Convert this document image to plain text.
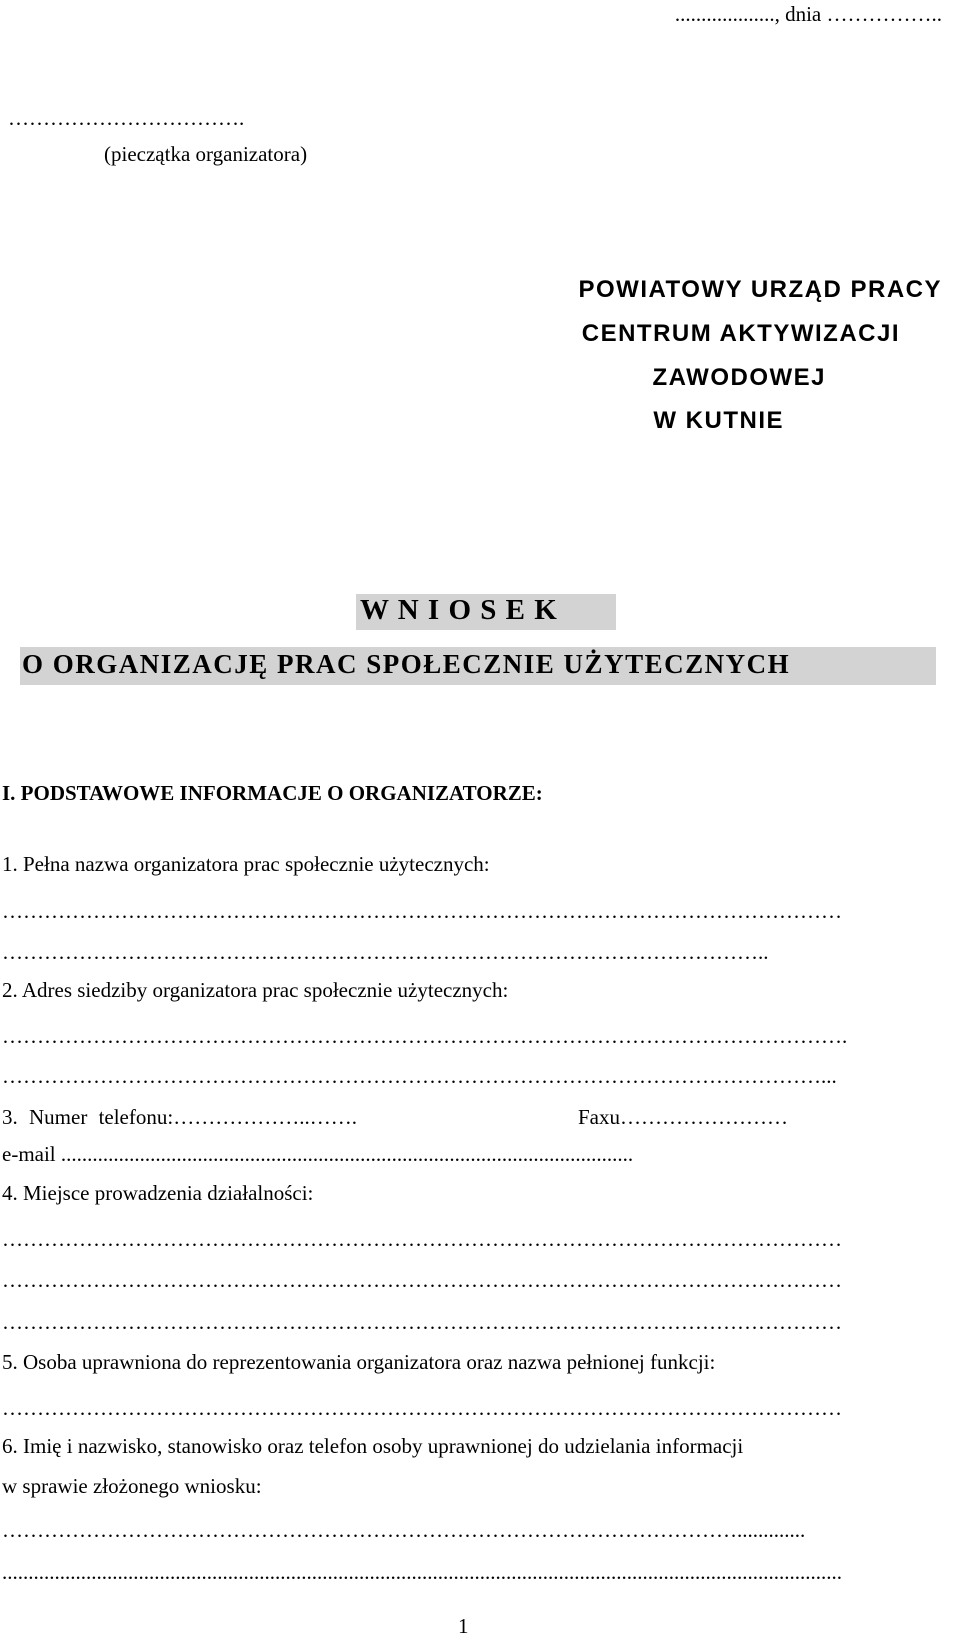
..................., dnia ……………..
…………………………….
(pieczątka organizatora)
POWIATOWY URZĄD PRACY
CENTRUM AKTYWIZACJI
ZAWODOWEJ
W KUTNIE
W N I O S E K
O ORGANIZACJĘ PRAC SPOŁECZNIE UŻYTECZNYCH
I. PODSTAWOWE INFORMACJE O ORGANIZATORZE:
1. Pełna nazwa organizatora prac społecznie użytecznych:
…………………………………………………………………………………………………………
………………………………………………………………………………………………..
2. Adres siedziby organizatora prac społecznie użytecznych:
………………………………………………………………………………………………………….
………………………………………………………………………………………………………...
3. Numer telefonu:………………..…….	Faxu……………………
e-mail .............................................................................................................
4. Miejsce prowadzenia działalności:
…………………………………………………………………………………………………………
…………………………………………………………………………………………………………
…………………………………………………………………………………………………………
5. Osoba uprawniona do reprezentowania organizatora oraz nazwa pełnionej funkcji:
…………………………………………………………………………………………………………
6. Imię i nazwisko, stanowisko oraz telefon osoby uprawnionej do udzielania informacji
w sprawie złożonego wniosku:
…………………………………………………………………………………………….............
................................................................................................................................................................
1
